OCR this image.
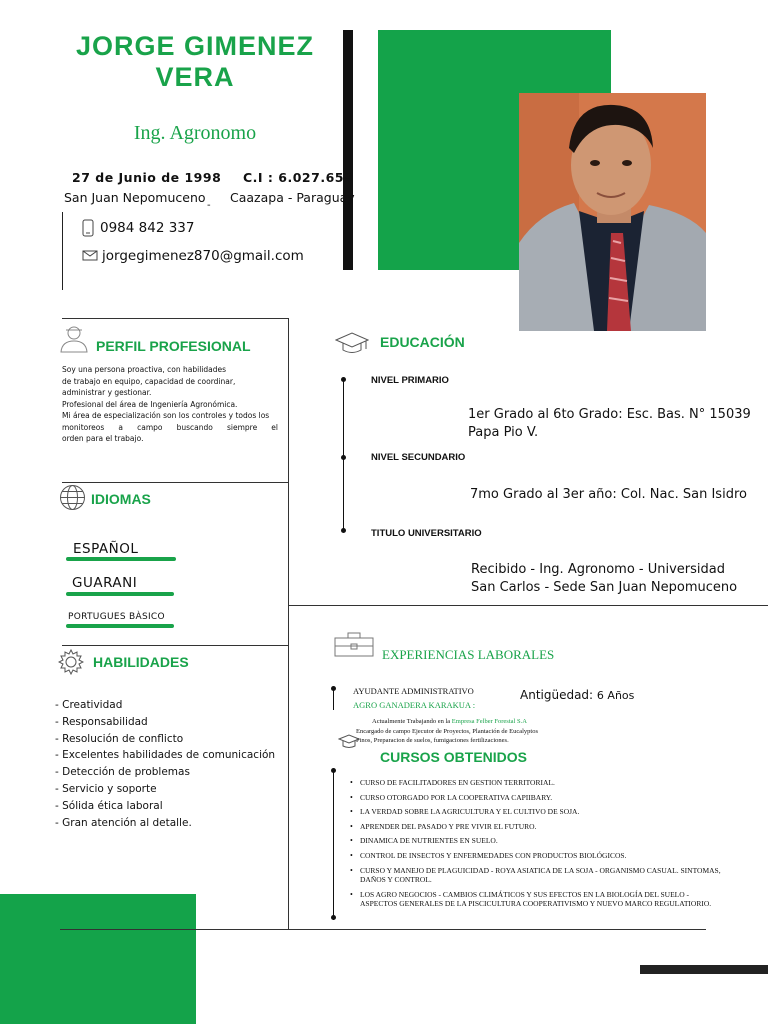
JORGE GIMENEZ
VERA
Ing. Agronomo
27 de Junio de 1998 C.I : 6.027.659
San Juan Nepomuceno
-
Caazapa - Paraguay
0984 842 337
jorgegimenez870@gmail.com
PERFIL PROFESIONAL

Soy una persona proactiva, con habilidades

de trabajo en equipo, capacidad de coordinar,

administrar y gestionar.

Profesional del área de Ingeniería Agronómica.

Mi área de especialización son los controles y todos los

monitoreos a campo buscando siempre el

orden para el trabajo.

IDIOMAS
ESPAÑOL
GUARANI
PORTUGUES BÀSICO
HABILIDADES
- Creatividad
- Responsabilidad
- Resolución de conflicto
- Excelentes habilidades de comunicación
- Detección de problemas
- Servicio y soporte
- Sólida ética laboral
- Gran atención al detalle.
EDUCACIÓN
NIVEL PRIMARIO
1er Grado al 6to Grado: Esc. Bas. N° 15039
Papa Pio V.
NIVEL SECUNDARIO
7mo Grado al 3er año: Col. Nac. San Isidro
TITULO UNIVERSITARIO
Recibido - Ing. Agronomo - Universidad
San Carlos - Sede San Juan Nepomuceno
EXPERIENCIAS LABORALES
AYUDANTE ADMINISTRATIVO
AGRO GANADERA KARAKUA :
Antigüedad: 6 Años
Actualmente Trabajando en la Empresa Felber Forestal S.A
Encargado de campo Ejecutor de Proyectos, Plantación de Eucalyptos
Pinos, Preparacion de suelos, fumigaciones fertilizaciones.
CURSOS OBTENIDOS
• CURSO DE FACILITADORES EN GESTION TERRITORIAL.
• CURSO OTORGADO POR LA COOPERATIVA CAPIIBARY.
• LA VERDAD SOBRE LA AGRICULTURA Y EL CULTIVO DE SOJA.
• APRENDER DEL PASADO Y PRE VIVIR EL FUTURO.
• DINAMICA DE NUTRIENTES EN SUELO.
• CONTROL DE INSECTOS Y ENFERMEDADES CON PRODUCTOS BIOLÓGICOS.
• CURSO Y MANEJO DE PLAGUICIDAD - ROYA ASIATICA DE LA SOJA - ORGANISMO CASUAL. SINTOMAS, DAÑOS Y CONTROL.
• LOS AGRO NEGOCIOS - CAMBIOS CLIMÁTICOS Y SUS EFECTOS EN LA BIOLOGÍA DEL SUELO - ASPECTOS GENERALES DE LA PISCICULTURA COOPERATIVISMO Y NUEVO MARCO REGULATIORIO.
